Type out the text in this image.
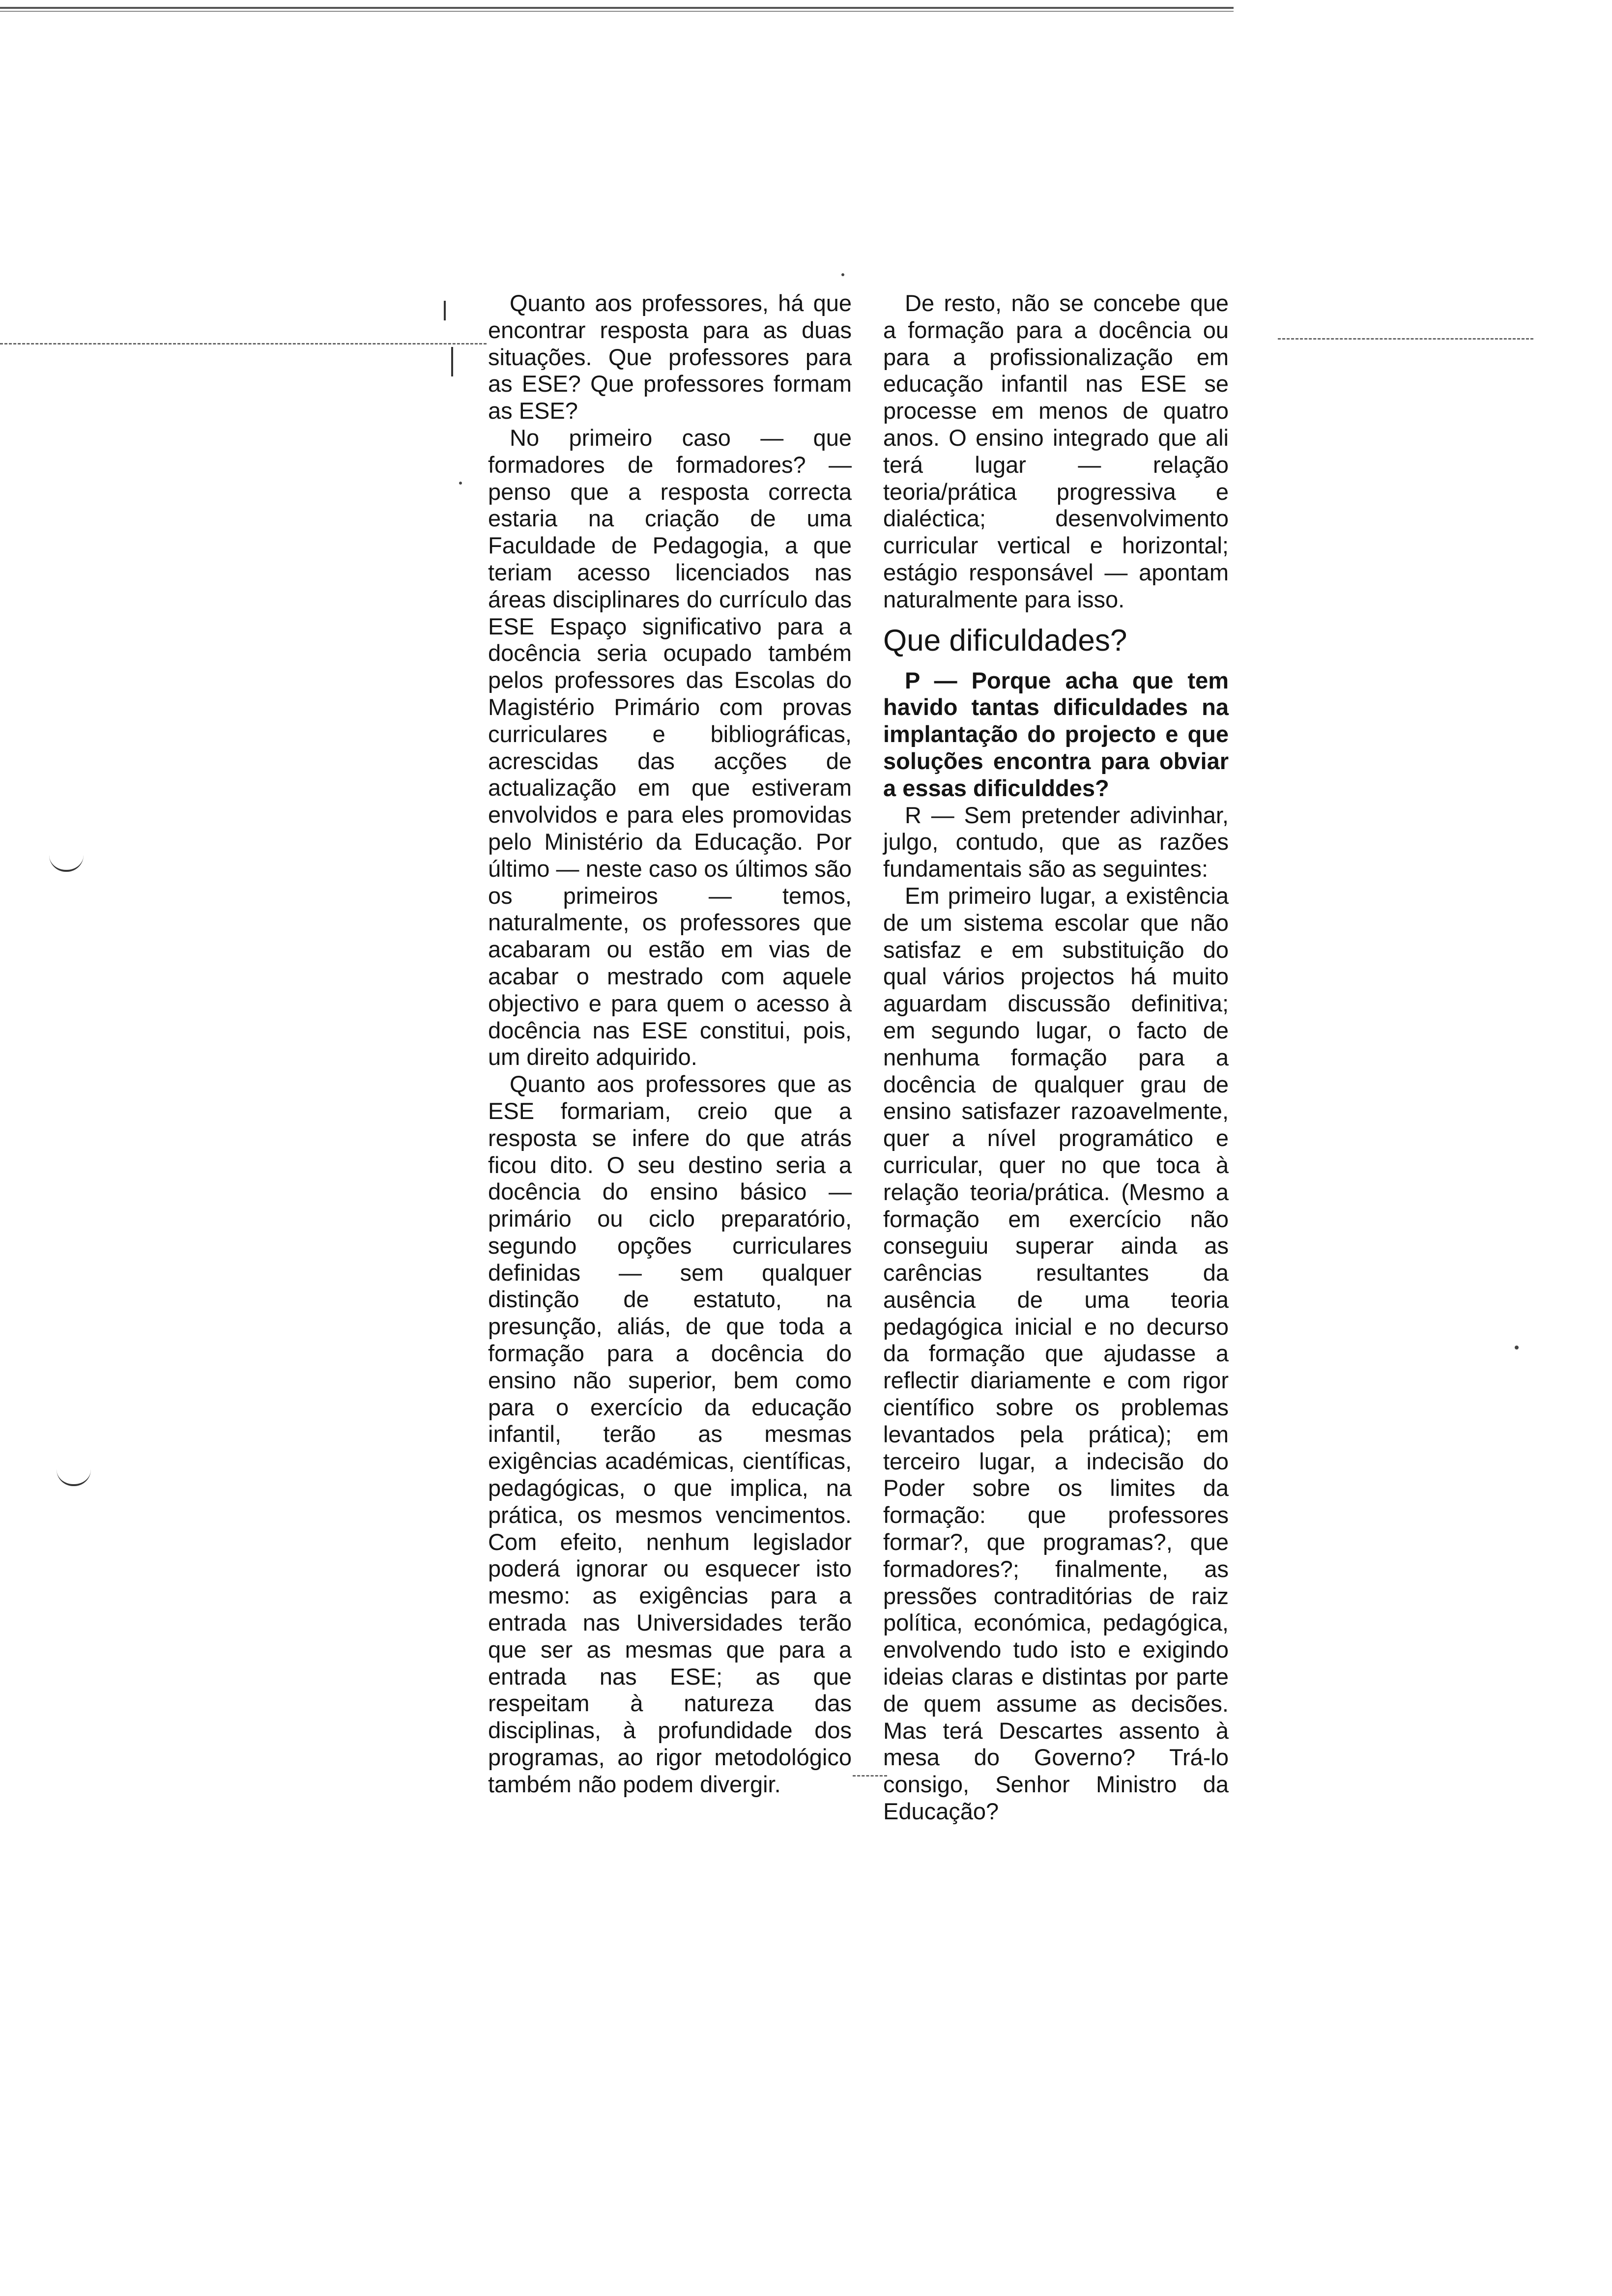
Quanto aos professores, há que encontrar resposta para as duas situações. Que professores para as ESE? Que professores formam as ESE?

No primeiro caso — que formadores de formadores? — penso que a resposta correcta estaria na criação de uma Faculdade de Pedagogia, a que teriam acesso licenciados nas áreas disciplinares do currículo das ESE Espaço significativo para a docência seria ocupado também pelos professores das Escolas do Magistério Primário com provas curriculares e bibliográficas, acrescidas das acções de actualização em que estiveram envolvidos e para eles promovidas pelo Ministério da Educação. Por último — neste caso os últimos são os primeiros — temos, naturalmente, os professores que acabaram ou estão em vias de acabar o mestrado com aquele objectivo e para quem o acesso à docência nas ESE constitui, pois, um direito adquirido.

Quanto aos professores que as ESE formariam, creio que a resposta se infere do que atrás ficou dito. O seu destino seria a docência do ensino básico — primário ou ciclo preparatório, segundo opções curriculares definidas — sem qualquer distinção de estatuto, na presunção, aliás, de que toda a formação para a docência do ensino não superior, bem como para o exercício da educação infantil, terão as mesmas exigências académicas, científicas, pedagógicas, o que implica, na prática, os mesmos vencimentos. Com efeito, nenhum legislador poderá ignorar ou esquecer isto mesmo: as exigências para a entrada nas Universidades terão que ser as mesmas que para a entrada nas ESE; as que respeitam à natureza das disciplinas, à profundidade dos programas, ao rigor metodológico também não podem divergir.

De resto, não se concebe que a formação para a docência ou para a profissionalização em educação infantil nas ESE se processe em menos de quatro anos. O ensino integrado que ali terá lugar — relação teoria/prática progressiva e dialéctica; desenvolvimento curricular vertical e horizontal; estágio responsável — apontam naturalmente para isso.

Que dificuldades?

P — Porque acha que tem havido tantas dificuldades na implantação do projecto e que soluções encontra para obviar a essas dificulddes?

R — Sem pretender adivinhar, julgo, contudo, que as razões fundamentais são as seguintes:

Em primeiro lugar, a existência de um sistema escolar que não satisfaz e em substituição do qual vários projectos há muito aguardam discussão definitiva; em segundo lugar, o facto de nenhuma formação para a docência de qualquer grau de ensino satisfazer razoavelmente, quer a nível programático e curricular, quer no que toca à relação teoria/prática. (Mesmo a formação em exercício não conseguiu superar ainda as carências resultantes da ausência de uma teoria pedagógica inicial e no decurso da formação que ajudasse a reflectir diariamente e com rigor científico sobre os problemas levantados pela prática); em terceiro lugar, a indecisão do Poder sobre os limites da formação: que professores formar?, que programas?, que formadores?; finalmente, as pressões contraditórias de raiz política, económica, pedagógica, envolvendo tudo isto e exigindo ideias claras e distintas por parte de quem assume as decisões. Mas terá Descartes assento à mesa do Governo? Trá-lo consigo, Senhor Ministro da Educação?
